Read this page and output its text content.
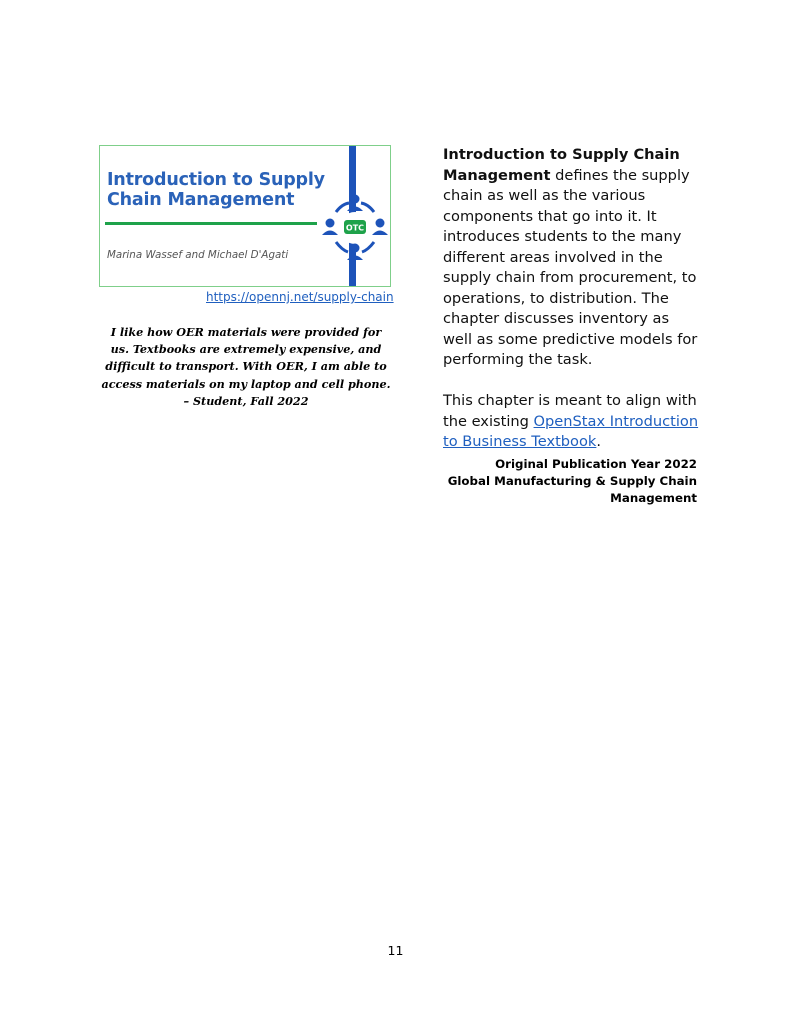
Introduction to Supply Chain Management
Marina Wassef and Michael D'Agati
OTC
https://opennj.net/supply-chain
I like how OER materials were provided for us. Textbooks are extremely expensive, and difficult to transport. With OER, I am able to access materials on my laptop and cell phone.
– Student, Fall 2022

Introduction to Supply Chain Management defines the supply chain as well as the various components that go into it. It introduces students to the many different areas involved in the supply chain from procurement, to operations, to distribution. The chapter discusses inventory as well as some predictive models for performing the task.

This chapter is meant to align with the existing OpenStax Introduction to Business Textbook.

Original Publication Year 2022
Global Manufacturing & Supply Chain Management
11
